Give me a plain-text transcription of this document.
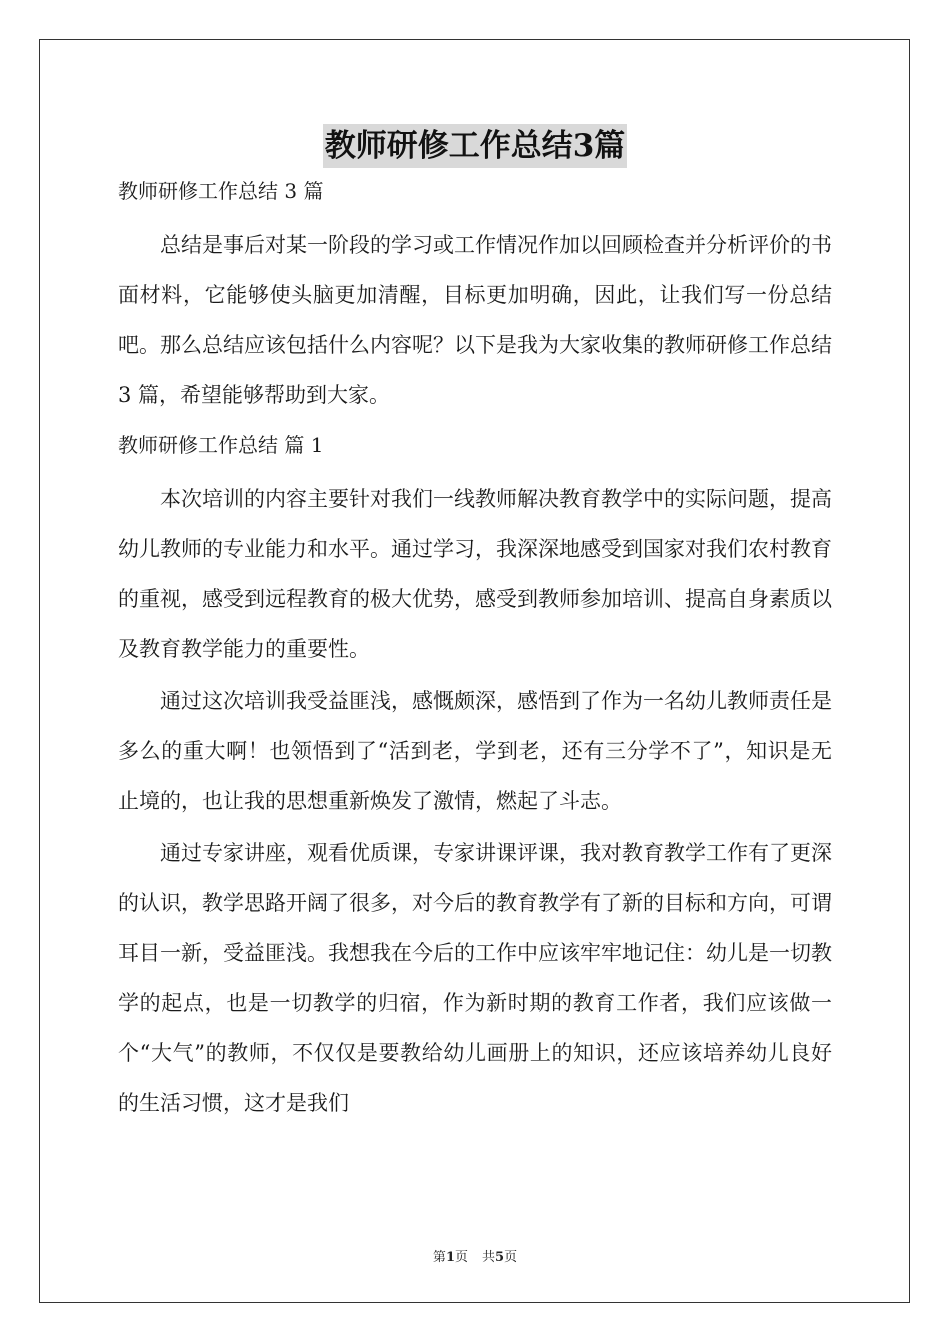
教师研修工作总结3篇

教师研修工作总结 3 篇

总结是事后对某一阶段的学习或工作情况作加以回顾检查并分析评价的书面材料，它能够使头脑更加清醒，目标更加明确，因此，让我们写一份总结吧。那么总结应该包括什么内容呢？以下是我为大家收集的教师研修工作总结 3 篇，希望能够帮助到大家。

教师研修工作总结 篇 1

本次培训的内容主要针对我们一线教师解决教育教学中的实际问题，提高幼儿教师的专业能力和水平。通过学习，我深深地感受到国家对我们农村教育的重视，感受到远程教育的极大优势，感受到教师参加培训、提高自身素质以及教育教学能力的重要性。

通过这次培训我受益匪浅，感慨颇深，感悟到了作为一名幼儿教师责任是多么的重大啊！也领悟到了“活到老，学到老，还有三分学不了”，知识是无止境的，也让我的思想重新焕发了激情，燃起了斗志。

通过专家讲座，观看优质课，专家讲课评课，我对教育教学工作有了更深的认识，教学思路开阔了很多，对今后的教育教学有了新的目标和方向，可谓耳目一新，受益匪浅。我想我在今后的工作中应该牢牢地记住：幼儿是一切教学的起点，也是一切教学的归宿，作为新时期的教育工作者，我们应该做一个“大气”的教师，不仅仅是要教给幼儿画册上的知识，还应该培养幼儿良好的生活习惯，这才是我们

第1页 共5页
